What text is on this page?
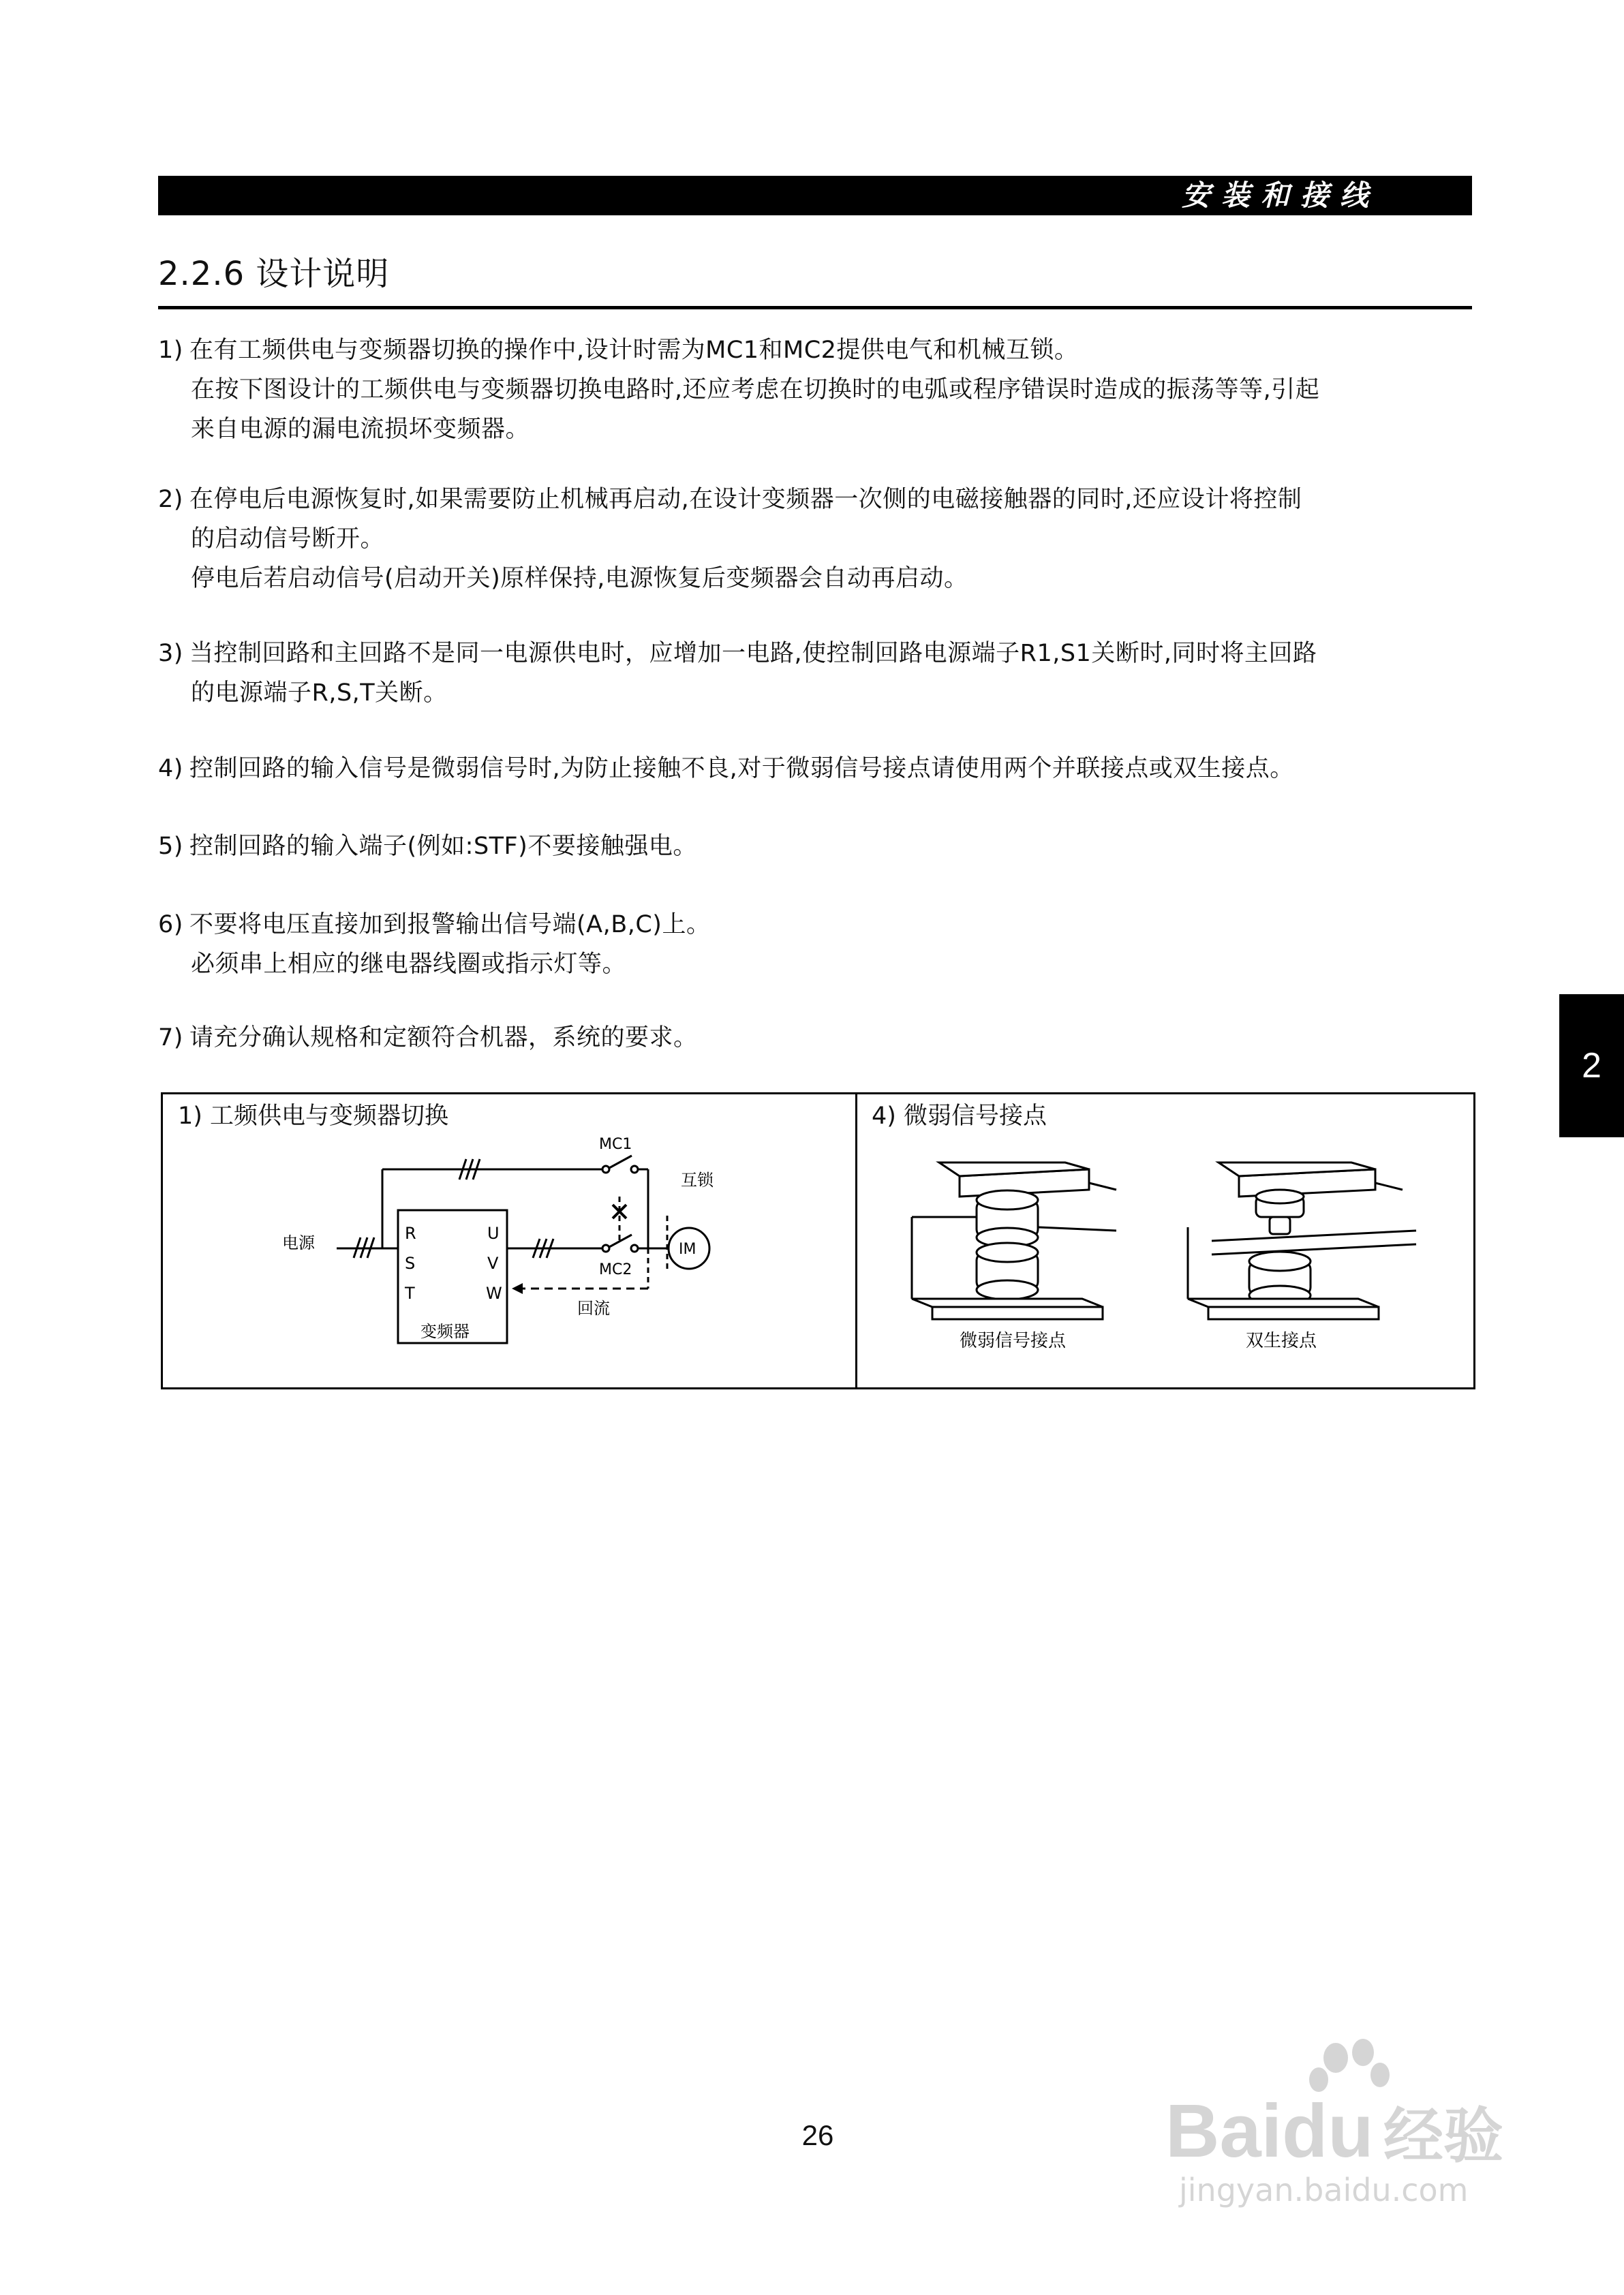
安装和接线
2.2.6 设计说明
1) 在有工频供电与变频器切换的操作中,设计时需为MC1和MC2提供电气和机械互锁。
在按下图设计的工频供电与变频器切换电路时,还应考虑在切换时的电弧或程序错误时造成的振荡等等,引起
来自电源的漏电流损坏变频器。
2) 在停电后电源恢复时,如果需要防止机械再启动,在设计变频器一次侧的电磁接触器的同时,还应设计将控制
的启动信号断开。
停电后若启动信号(启动开关)原样保持,电源恢复后变频器会自动再启动。
3) 当控制回路和主回路不是同一电源供电时，应增加一电路,使控制回路电源端子R1,S1关断时,同时将主回路
的电源端子R,S,T关断。
4) 控制回路的输入信号是微弱信号时,为防止接触不良,对于微弱信号接点请使用两个并联接点或双生接点。
5) 控制回路的输入端子(例如:STF)不要接触强电。
6) 不要将电压直接加到报警输出信号端(A,B,C)上。
必须串上相应的继电器线圈或指示灯等。
7) 请充分确认规格和定额符合机器，系统的要求。
2
1) 工频供电与变频器切换	4) 微弱信号接点
电源	R
S
T
U
V
W
变频器
MC1
MC2
互锁
回流
IM
微弱信号接点	双生接点
26	Baidu 经验
jingyan.baidu.com
